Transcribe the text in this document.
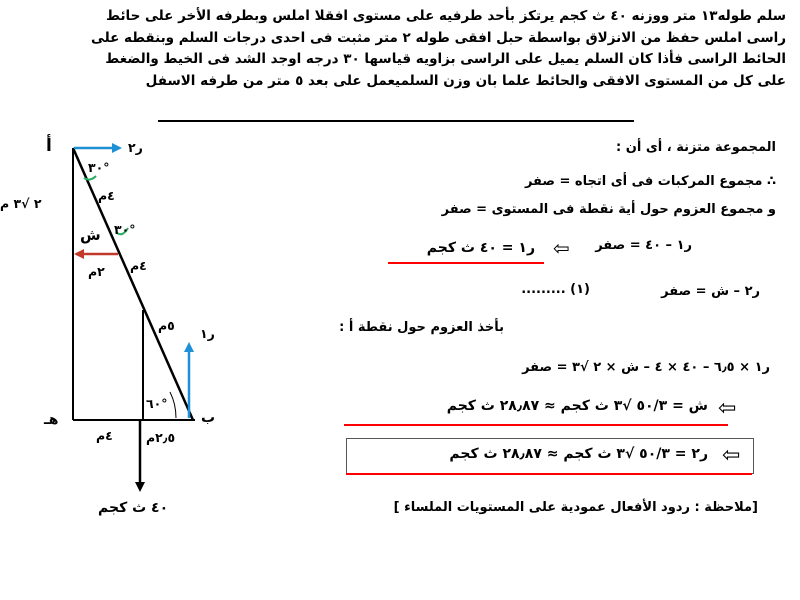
سلم طوله١٣ متر ووزنه ٤٠ ث كجم يرتكز بأحد طرفيه على مستوى افقلا املس وبطرفه الأخر على حائط
راسى املس حفظ من الانزلاق بواسطة حبل افقى طوله ٢ متر مثبت فى احدى درجات السلم وبنقطه على
الحائط الراسى فأذا كان السلم يميل على الراسى بزاويه قياسها ٣٠ درجه اوجد الشد فى الخيط والضغط
على كل من المستوى الافقى والحائط علما بان وزن السلميعمل على بعد ٥ متر من طرفه الاسفل
أ	ر٢
٣٠°
٤م
٢ √٣ م
٣٠°
ش
٤م
٢م
٥م
ر١
٦٠°
هـ	ب
٤م	٢٫٥م
٤٠ ث كجم
المجموعة متزنة ، أى أن :
∴ مجموع المركبات فى أى اتجاه = صفر
و مجموع العزوم حول أية نقطة فى المستوى = صفر
ر١ – ٤٠ = صفر
⇦
ر١ = ٤٠ ث كجم
ر٢ – ش = صفر
(١) .........
بأخذ العزوم حول نقطة أ :
ر١ × ٦٫٥ – ٤٠ × ٤ – ش × ٢ √٣ = صفر
⇦
ش = ٥٠/٣ √٣ ث كجم ≈ ٢٨٫٨٧ ث كجم
⇦
ر٢ = ٥٠/٣ √٣ ث كجم ≈ ٢٨٫٨٧ ث كجم
[ملاحظة : ردود الأفعال عمودية على المستويات الملساء ]
